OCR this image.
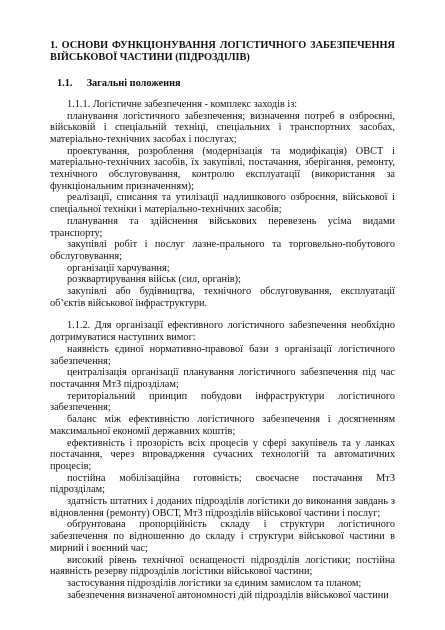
1. ОСНОВИ ФУНКЦІОНУВАННЯ ЛОГІСТИЧНОГО ЗАБЕЗПЕЧЕННЯ ВІЙСЬКОВОЇ ЧАСТИНИ (ПІДРОЗДІЛІВ)
1.1. Загальні положення

1.1.1. Логістичне забезпечення - комплекс заходів із:

планування логістичного забезпечення; визначення потреб в озброєнні, військовій і спеціальній техніці, спеціальних і транспортних засобах, матеріально-технічних засобах і послугах;

проектування, розроблення (модернізація та модифікація) ОВСТ і матеріально-технічних засобів, їх закупівлі, постачання, зберігання, ремонту, технічного обслуговування, контролю експлуатації (використання за функціональним призначенням);

реалізації, списання та утилізації надлишкового озброєння, військової і спеціальної техніки і матеріально-технічних засобів;

планування та здійснення військових перевезень усіма видами транспорту;

закупівлі робіт і послуг лазне-прального та торговельно-побутового обслуговування;

організації харчування;

розквартирування військ (сил, органів);

закупівлі або будівництва, технічного обслуговування, експлуатації об’єктів військової інфраструктури.

1.1.2. Для організації ефективного логістичного забезпечення необхідно дотримуватися наступних вимог:

наявність єдиної нормативно-правової бази з організації логістичного забезпечення;

централізація організації планування логістичного забезпечення під час постачання МтЗ підрозділам;

територіальний принцип побудови інфраструктури логістичного забезпечення;

баланс між ефективністю логістичного забезпечення і досягненням максимальної економії державних коштів;

ефективність і прозорість всіх процесів у сфері закупівель та у ланках постачання, через впровадження сучасних технологій та автоматичних процесів;

постійна мобілізаційна готовність; своєчасне постачання МтЗ підрозділам;

здатність штатних і доданих підрозділів логістики до виконання завдань з відновлення (ремонту) ОВСТ, МтЗ підрозділів військової частини і послуг;

обґрунтована пропорційність складу і структури логістичного забезпечення по відношенню до складу і структури військової частини в мирний і воєнний час;

високий рівень технічної оснащеності підрозділів логістики; постійна наявність резерву підрозділів логістики військової частини;

застосування підрозділів логістики за єдиним замислом та планом;

забезпечення визначеної автономності дій підрозділів військової частини
